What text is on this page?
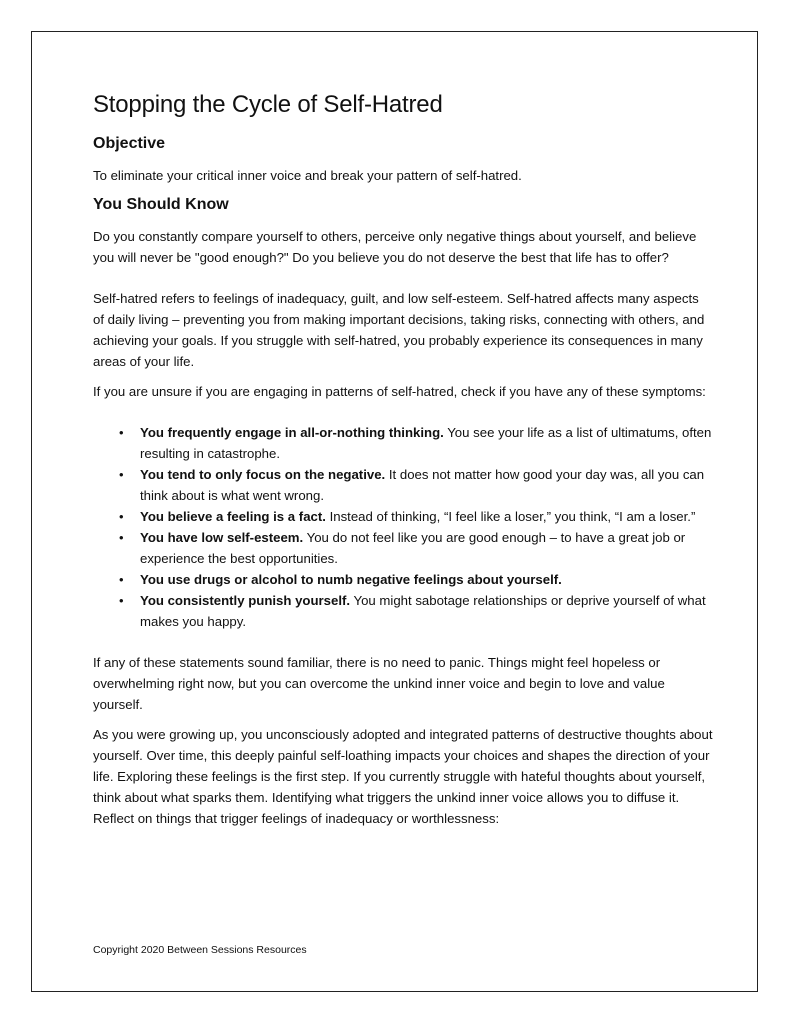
Stopping the Cycle of Self-Hatred
Objective

To eliminate your critical inner voice and break your pattern of self-hatred.

You Should Know

Do you constantly compare yourself to others, perceive only negative things about yourself, and believe you will never be "good enough?" Do you believe you do not deserve the best that life has to offer?

Self-hatred refers to feelings of inadequacy, guilt, and low self-esteem. Self-hatred affects many aspects of daily living – preventing you from making important decisions, taking risks, connecting with others, and achieving your goals. If you struggle with self-hatred, you probably experience its consequences in many areas of your life.

If you are unsure if you are engaging in patterns of self-hatred, check if you have any of these symptoms:

• You frequently engage in all-or-nothing thinking. You see your life as a list of ultimatums, often resulting in catastrophe.
• You tend to only focus on the negative. It does not matter how good your day was, all you can think about is what went wrong.
• You believe a feeling is a fact. Instead of thinking, “I feel like a loser,” you think, “I am a loser.”
• You have low self-esteem. You do not feel like you are good enough – to have a great job or experience the best opportunities.
• You use drugs or alcohol to numb negative feelings about yourself.
• You consistently punish yourself. You might sabotage relationships or deprive yourself of what makes you happy.

If any of these statements sound familiar, there is no need to panic. Things might feel hopeless or overwhelming right now, but you can overcome the unkind inner voice and begin to love and value yourself.

As you were growing up, you unconsciously adopted and integrated patterns of destructive thoughts about yourself. Over time, this deeply painful self-loathing impacts your choices and shapes the direction of your life. Exploring these feelings is the first step. If you currently struggle with hateful thoughts about yourself, think about what sparks them. Identifying what triggers the unkind inner voice allows you to diffuse it. Reflect on things that trigger feelings of inadequacy or worthlessness:

Copyright 2020 Between Sessions Resources
